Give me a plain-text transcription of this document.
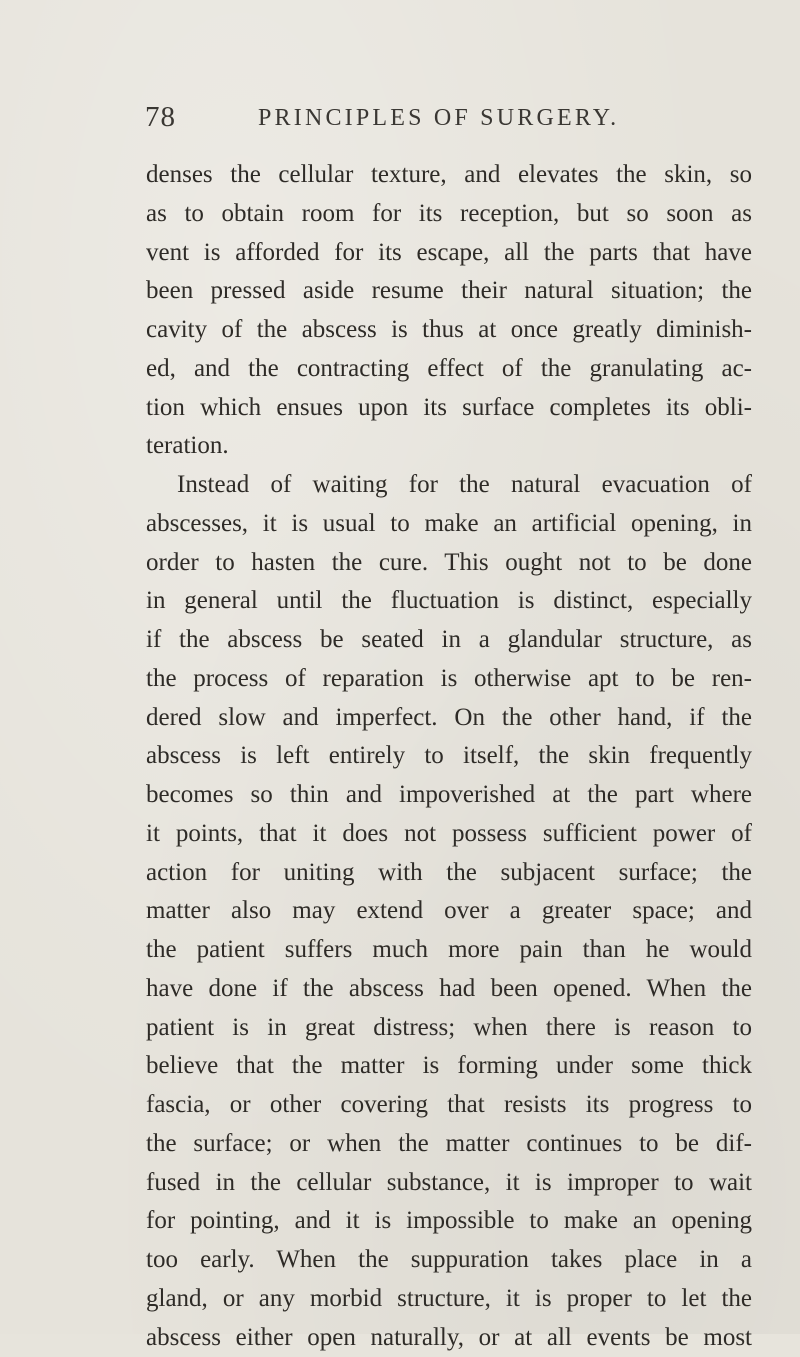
78	PRINCIPLES OF SURGERY.
denses the cellular texture, and elevates the skin, so
as to obtain room for its reception, but so soon as
vent is afforded for its escape, all the parts that have
been pressed aside resume their natural situation; the
cavity of the abscess is thus at once greatly diminish-
ed, and the contracting effect of the granulating ac-
tion which ensues upon its surface completes its obli-
teration.
Instead of waiting for the natural evacuation of
abscesses, it is usual to make an artificial opening, in
order to hasten the cure. This ought not to be done
in general until the fluctuation is distinct, especially
if the abscess be seated in a glandular structure, as
the process of reparation is otherwise apt to be ren-
dered slow and imperfect. On the other hand, if the
abscess is left entirely to itself, the skin frequently
becomes so thin and impoverished at the part where
it points, that it does not possess sufficient power of
action for uniting with the subjacent surface; the
matter also may extend over a greater space; and
the patient suffers much more pain than he would
have done if the abscess had been opened. When the
patient is in great distress; when there is reason to
believe that the matter is forming under some thick
fascia, or other covering that resists its progress to
the surface; or when the matter continues to be dif-
fused in the cellular substance, it is improper to wait
for pointing, and it is impossible to make an opening
too early. When the suppuration takes place in a
gland, or any morbid structure, it is proper to let the
abscess either open naturally, or at all events be most
